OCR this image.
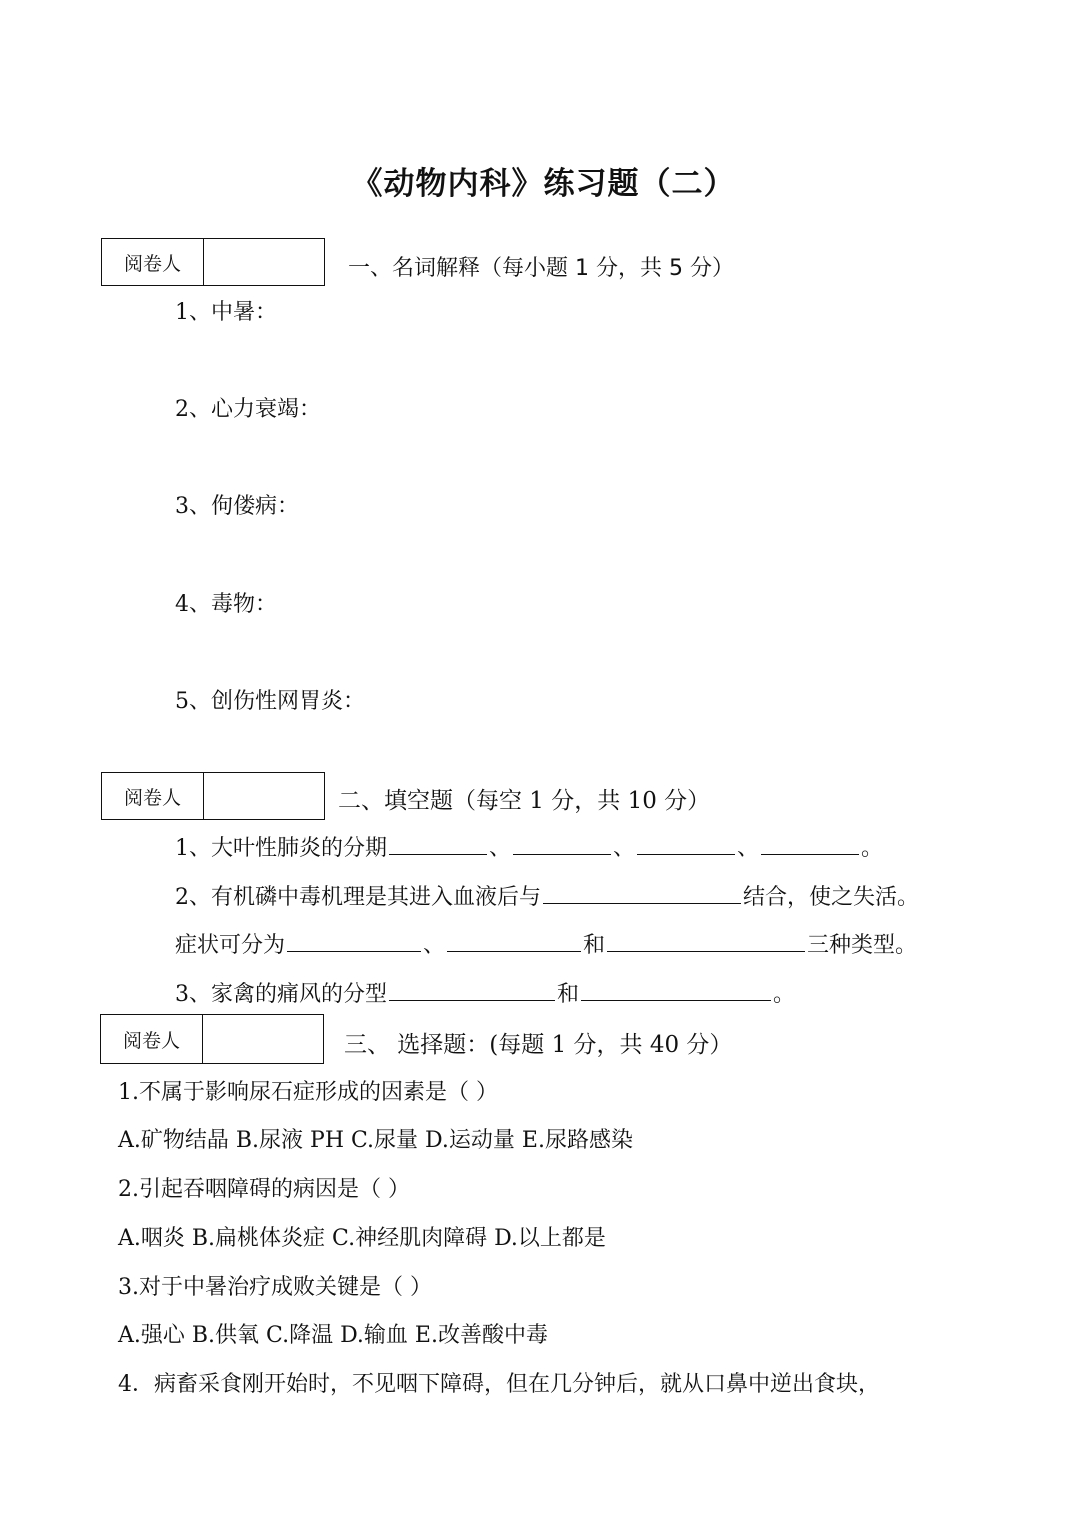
《动物内科》练习题（二）
阅卷人	一、名词解释（每小题 1 分，共 5 分）
1、中暑：
2、心力衰竭：
3、佝偻病：
4、毒物：
5、创伤性网胃炎：
阅卷人	二、填空题（每空 1 分，共 10 分）
1、大叶性肺炎的分期	、	、	、	。
2、有机磷中毒机理是其进入血液后与	结合，使之失活。
症状可分为	、	和	三种类型。
3、家禽的痛风的分型	和	。
阅卷人	三、 选择题：(每题 1 分，共 40 分）
1.不属于影响尿石症形成的因素是（ ）
A.矿物结晶 B.尿液 PH C.尿量 D.运动量 E.尿路感染
2.引起吞咽障碍的病因是（ ）
A.咽炎 B.扁桃体炎症 C.神经肌肉障碍 D.以上都是
3.对于中暑治疗成败关键是（ ）
A.强心 B.供氧 C.降温 D.输血 E.改善酸中毒
4．病畜采食刚开始时，不见咽下障碍，但在几分钟后，就从口鼻中逆出食块，
